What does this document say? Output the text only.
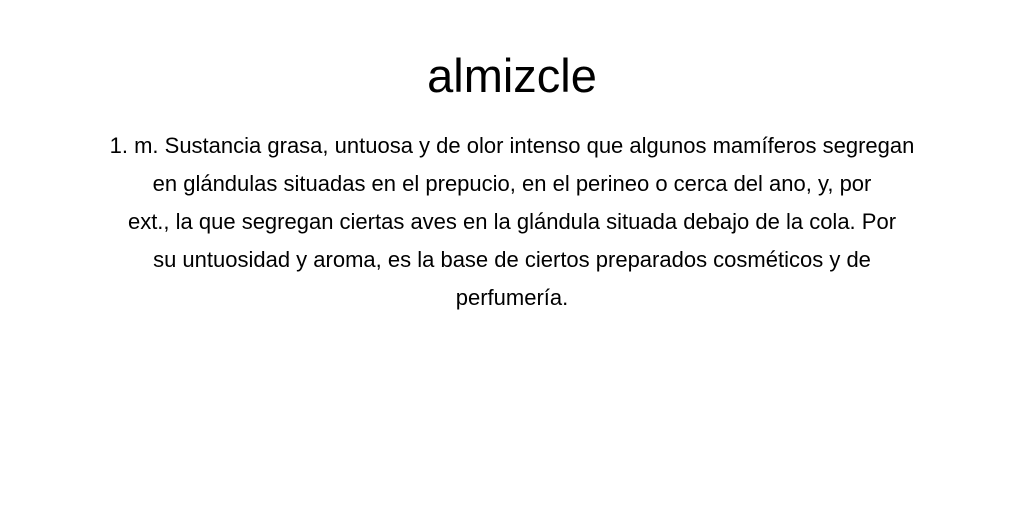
almizcle

1. m. Sustancia grasa, untuosa y de olor intenso que algunos mamíferos segregan
en glándulas situadas en el prepucio, en el perineo o cerca del ano, y, por
ext., la que segregan ciertas aves en la glándula situada debajo de la cola. Por
su untuosidad y aroma, es la base de ciertos preparados cosméticos y de
perfumería.
